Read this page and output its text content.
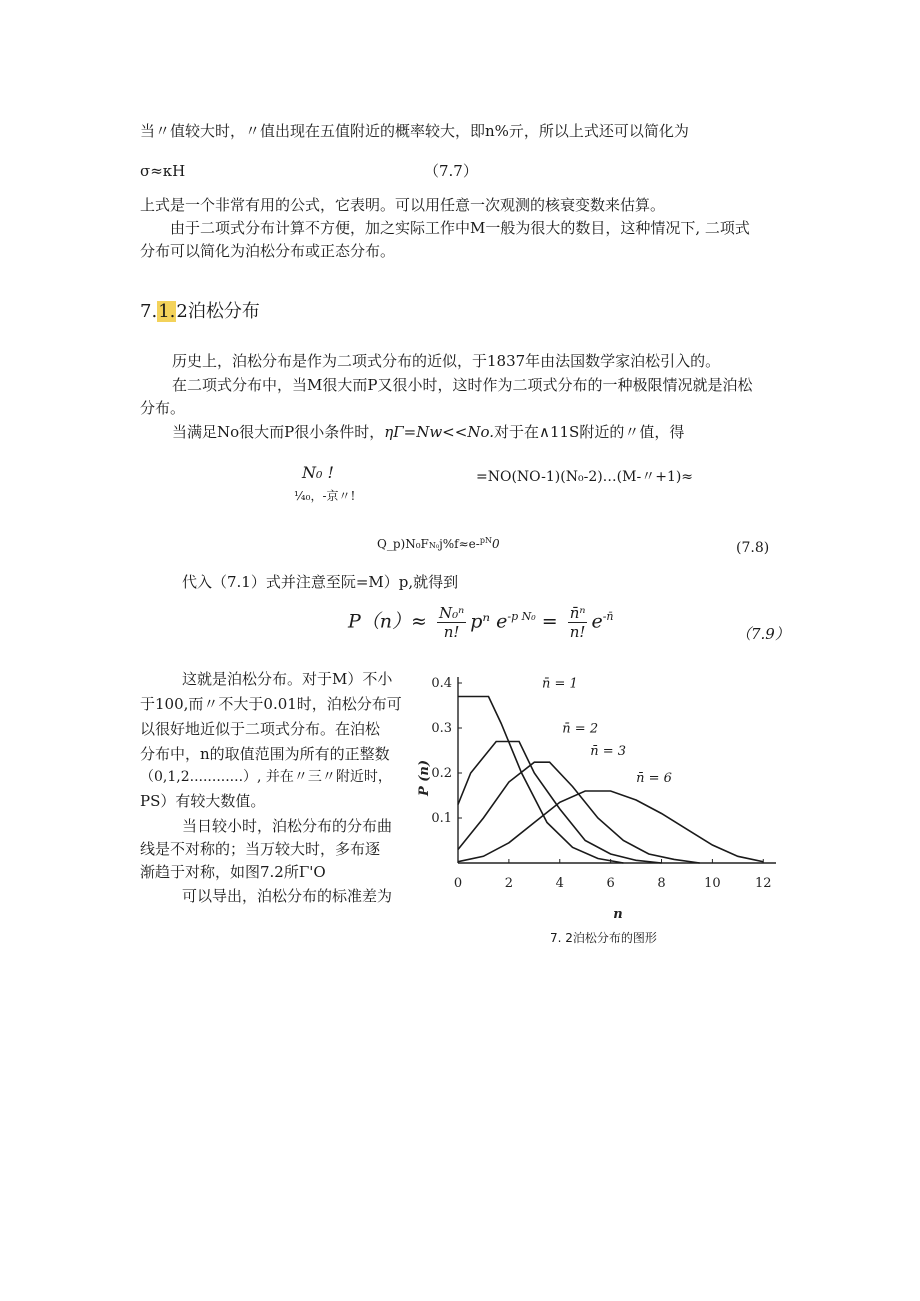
当〃值较大时，〃值出现在五值附近的概率较大，即n%亓，所以上式还可以简化为
σ≈κH	（7.7）
上式是一个非常有用的公式，它表明。可以用任意一次观测的核衰变数来估算。
由于二项式分布计算不方便，加之实际工作中M一般为很大的数目，这种情况下, 二项式
分布可以简化为泊松分布或正态分布。
7.1.2泊松分布
历史上，泊松分布是作为二项式分布的近似，于1837年由法国数学家泊松引入的。
在二项式分布中，当M很大而P又很小时，这时作为二项式分布的一种极限情况就是泊松
分布。
当满足No很大而P很小条件时，ηΓ=Nw<<No.对于在∧11S附近的〃值，得
N₀ !
¼₀，-京〃!
=NO(NO-1)(N₀-2)…(M-〃+1)≈
Q_p)N₀FN₀j%f≈e-$^{pN}$0	(7.8)
代入（7.1）式并注意至阮=M）p,就得到
$P(n)\approx \frac{\text{N₀ⁿ}}{n!}$ pⁿ $e^{-p N_0} = \frac{\text{n̄ⁿ}}{n!} e^{-n̄}$
（7.9）
这就是泊松分布。对于M）不小
于100,而〃不大于0.01时，泊松分布可
以很好地近似于二项式分布。在泊松
分布中，n的取值范围为所有的正整数
（0,1,2............）, 并在〃三〃附近时，
PS）有较大数值。
当日较小时，泊松分布的分布曲
线是不对称的；当万较大时，多布逐
渐趋于对称，如图7.2所Γ'O
可以导出，泊松分布的标准差为
0	2	4	6	8	10	12
0.1
0.2
0.3
0.4
n
P (n)
n̄ = 1
n̄ = 2
n̄ = 3
n̄ = 6
7. 2泊松分布的图形
